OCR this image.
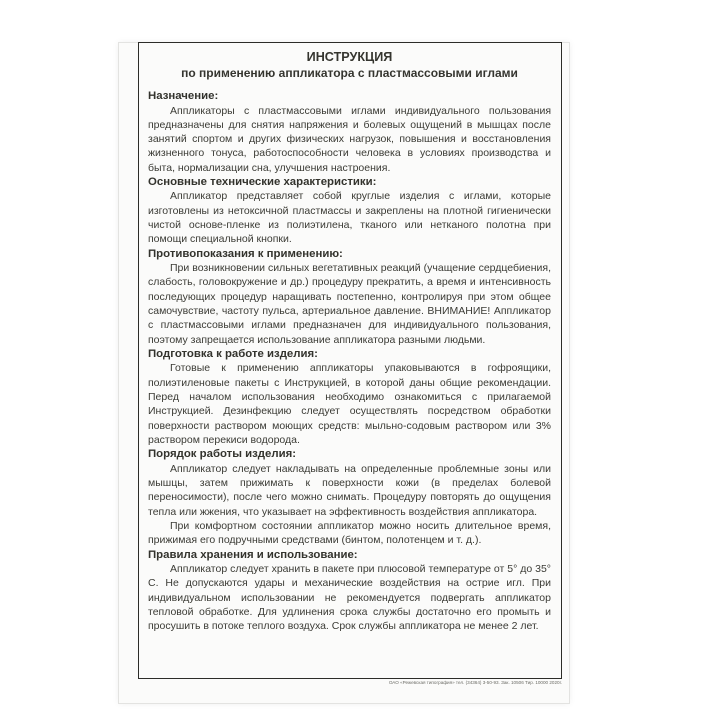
ИНСТРУКЦИЯ
по применению аппликатора с пластмассовыми иглами

Назначение:

Аппликаторы с пластмассовыми иглами индивидуального пользования предназначены для снятия напряжения и болевых ощущений в мышцах после занятий спортом и других физических нагрузок, повышения и восстановления жизненного тонуса, работоспособности человека в условиях производства и быта, нормализации сна, улучшения настроения.

Основные технические характеристики:

Аппликатор представляет собой круглые изделия с иглами, которые изготовлены из нетоксичной пластмассы и закреплены на плотной гигиенически чистой основе-пленке из полиэтилена, тканого или нетканого полотна при помощи специальной кнопки.

Противопоказания к применению:

При возникновении сильных вегетативных реакций (учащение сердцебиения, слабость, головокружение и др.) процедуру прекратить, а время и интенсивность последующих процедур наращивать постепенно, контролируя при этом общее самочувствие, частоту пульса, артериальное давление. ВНИМАНИЕ! Аппликатор с пластмассовыми иглами предназначен для индивидуального пользования, поэтому запрещается использование аппликатора разными людьми.

Подготовка к работе изделия:

Готовые к применению аппликаторы упаковываются в гофроящики, полиэтиленовые пакеты с Инструкцией, в которой даны общие рекомендации. Перед началом использования необходимо ознакомиться с прилагаемой Инструкцией. Дезинфекцию следует осуществлять посредством обработки поверхности раствором моющих средств: мыльно-содовым раствором или 3% раствором перекиси водорода.

Порядок работы изделия:

Аппликатор следует накладывать на определенные проблемные зоны или мышцы, затем прижимать к поверхности кожи (в пределах болевой переносимости), после чего можно снимать. Процедуру повторять до ощущения тепла или жжения, что указывает на эффективность воздействия аппликатора.

При комфортном состоянии аппликатор можно носить длительное время, прижимая его подручными средствами (бинтом, полотенцем и т. д.).

Правила хранения и использование:

Аппликатор следует хранить в пакете при плюсовой температуре от 5° до 35° С. Не допускаются удары и механические воздействия на острие игл. При индивидуальном использовании не рекомендуется подвергать аппликатор тепловой обработке. Для удлинения срока службы достаточно его промыть и просушить в потоке теплого воздуха. Срок службы аппликатора не менее 2 лет.

ОАО «Режевская типография» тел. (34364) 3-50-93. Зак. 10506 Тир. 10000 2020г.
